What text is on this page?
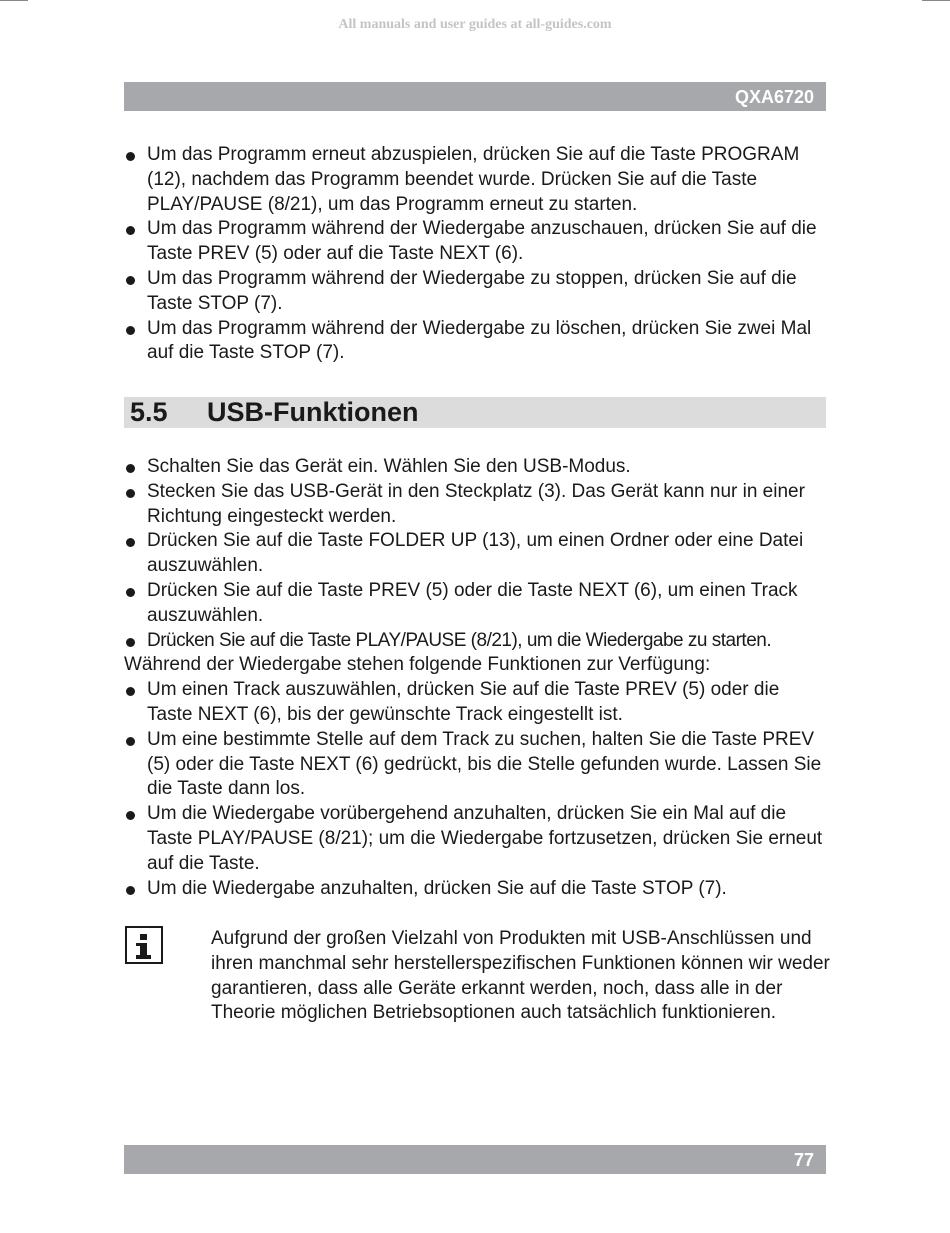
All manuals and user guides at all-guides.com
QXA6720
Um das Programm erneut abzuspielen, drücken Sie auf die Taste PROGRAM (12), nachdem das Programm beendet wurde. Drücken Sie auf die Taste PLAY/PAUSE (8/21), um das Programm erneut zu starten.
Um das Programm während der Wiedergabe anzuschauen, drücken Sie auf die Taste PREV (5) oder auf die Taste NEXT (6).
Um das Programm während der Wiedergabe zu stoppen, drücken Sie auf die Taste STOP (7).
Um das Programm während der Wiedergabe zu löschen, drücken Sie zwei Mal auf die Taste STOP (7).
5.5 USB-Funktionen
Schalten Sie das Gerät ein. Wählen Sie den USB-Modus.
Stecken Sie das USB-Gerät in den Steckplatz (3). Das Gerät kann nur in einer Richtung eingesteckt werden.
Drücken Sie auf die Taste FOLDER UP (13), um einen Ordner oder eine Datei auszuwählen.
Drücken Sie auf die Taste PREV (5) oder die Taste NEXT (6), um einen Track auszuwählen.
Drücken Sie auf die Taste PLAY/PAUSE (8/21), um die Wiedergabe zu starten.

Während der Wiedergabe stehen folgende Funktionen zur Verfügung:

Um einen Track auszuwählen, drücken Sie auf die Taste PREV (5) oder die Taste NEXT (6), bis der gewünschte Track eingestellt ist.
Um eine bestimmte Stelle auf dem Track zu suchen, halten Sie die Taste PREV (5) oder die Taste NEXT (6) gedrückt, bis die Stelle gefunden wurde. Lassen Sie die Taste dann los.
Um die Wiedergabe vorübergehend anzuhalten, drücken Sie ein Mal auf die Taste PLAY/PAUSE (8/21); um die Wiedergabe fortzusetzen, drücken Sie erneut auf die Taste.
Um die Wiedergabe anzuhalten, drücken Sie auf die Taste STOP (7).

Aufgrund der großen Vielzahl von Produkten mit USB-Anschlüssen und ihren manchmal sehr herstellerspezifischen Funktionen können wir weder garantieren, dass alle Geräte erkannt werden, noch, dass alle in der Theorie möglichen Betriebsoptionen auch tatsächlich funktionieren.

77
